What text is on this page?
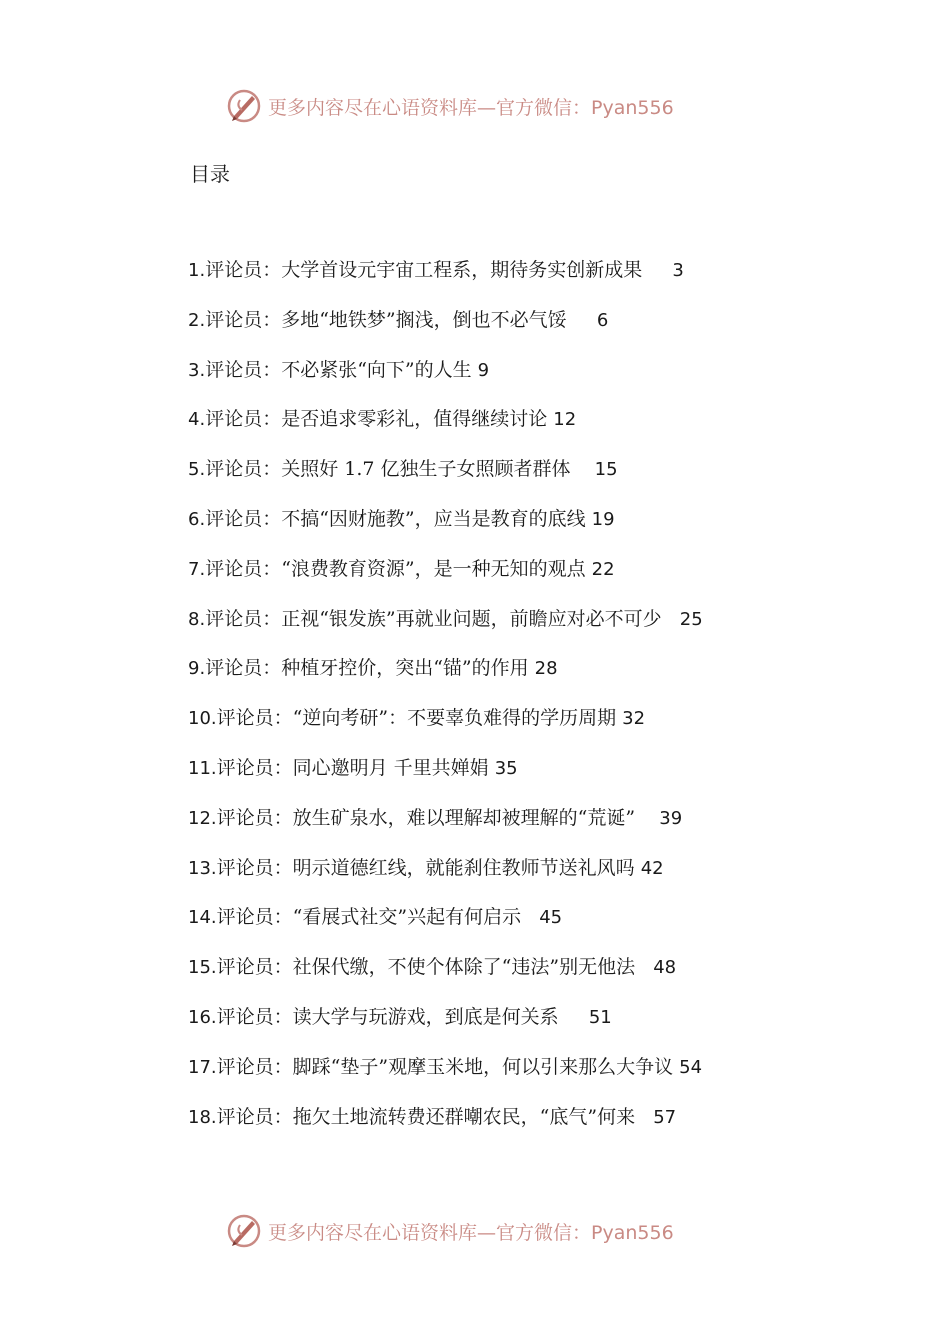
更多内容尽在心语资料库—官方微信：Pyan556
目录
1.评论员：大学首设元宇宙工程系，期待务实创新成果 3
2.评论员：多地“地铁梦”搁浅，倒也不必气馁 6
3.评论员：不必紧张“向下”的人生 9
4.评论员：是否追求零彩礼，值得继续讨论 12
5.评论员：关照好 1.7 亿独生子女照顾者群体 15
6.评论员：不搞“因财施教”，应当是教育的底线 19
7.评论员：“浪费教育资源”，是一种无知的观点 22
8.评论员：正视“银发族”再就业问题，前瞻应对必不可少 25
9.评论员：种植牙控价，突出“锚”的作用 28
10.评论员：“逆向考研”：不要辜负难得的学历周期 32
11.评论员：同心邀明月 千里共婵娟 35
12.评论员：放生矿泉水，难以理解却被理解的“荒诞” 39
13.评论员：明示道德红线，就能刹住教师节送礼风吗 42
14.评论员：“看展式社交”兴起有何启示 45
15.评论员：社保代缴，不使个体除了“违法”别无他法 48
16.评论员：读大学与玩游戏，到底是何关系 51
17.评论员：脚踩“垫子”观摩玉米地，何以引来那么大争议 54
18.评论员：拖欠土地流转费还群嘲农民，“底气”何来 57
更多内容尽在心语资料库—官方微信：Pyan556
